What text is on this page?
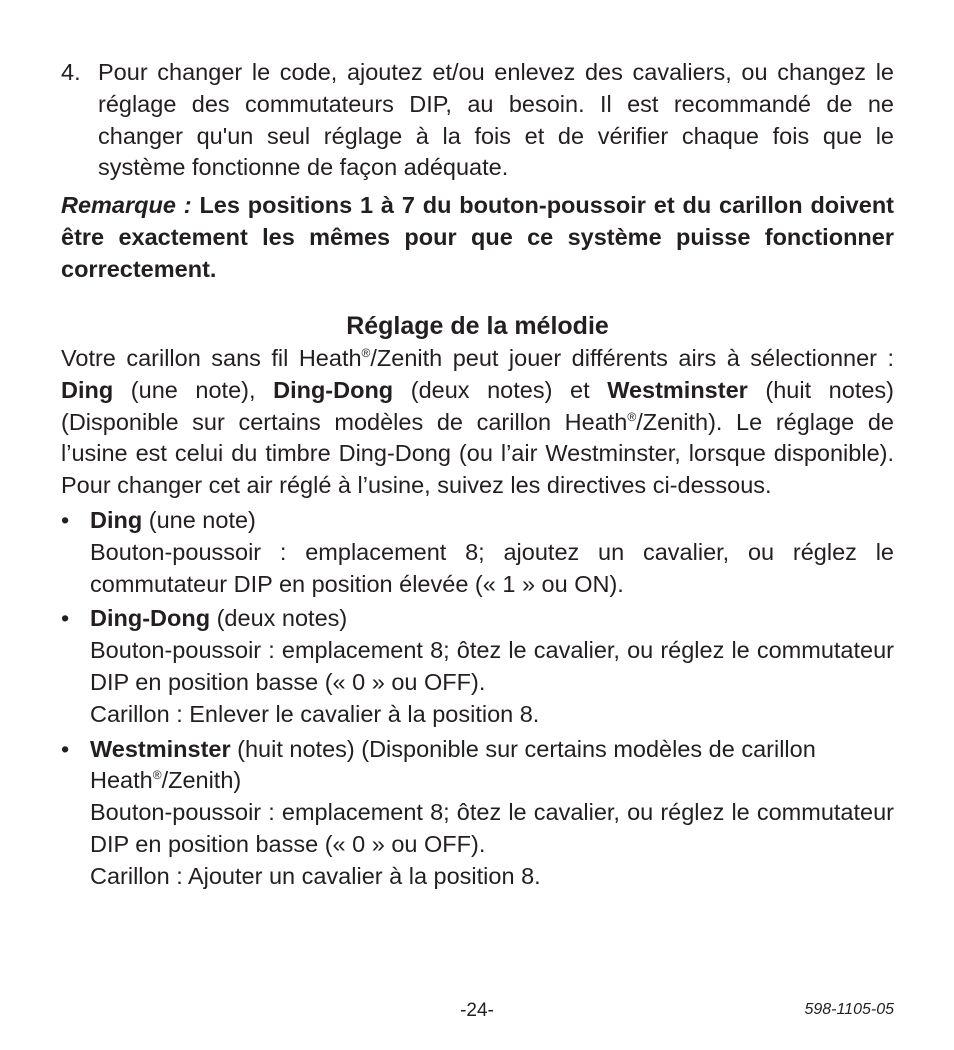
4. Pour changer le code, ajoutez et/ou enlevez des cavaliers, ou changez le réglage des commutateurs DIP, au besoin. Il est recommandé de ne changer qu'un seul réglage à la fois et de vérifier chaque fois que le système fonctionne de façon adéquate.

Remarque : Les positions 1 à 7 du bouton-poussoir et du carillon doivent être exactement les mêmes pour que ce système puisse fonctionner correctement.

Réglage de la mélodie

Votre carillon sans fil Heath®/Zenith peut jouer différents airs à sélectionner : Ding (une note), Ding-Dong (deux notes) et Westminster (huit notes) (Disponible sur certains modèles de carillon Heath®/Zenith). Le réglage de l’usine est celui du timbre Ding-Dong (ou l’air Westminster, lorsque disponible). Pour changer cet air réglé à l’usine, suivez les directives ci-dessous.

• Ding (une note)
Bouton-poussoir : emplacement 8; ajoutez un cavalier, ou réglez le commutateur DIP en position élevée (« 1 » ou ON).
• Ding-Dong (deux notes)
Bouton-poussoir : emplacement 8; ôtez le cavalier, ou réglez le commutateur DIP en position basse (« 0 » ou OFF).
Carillon : Enlever le cavalier à la position 8.
• Westminster (huit notes) (Disponible sur certains modèles de carillon Heath®/Zenith)
Bouton-poussoir : emplacement 8; ôtez le cavalier, ou réglez le commutateur DIP en position basse (« 0 » ou OFF).
Carillon : Ajouter un cavalier à la position 8.
-24-	598-1105-05
